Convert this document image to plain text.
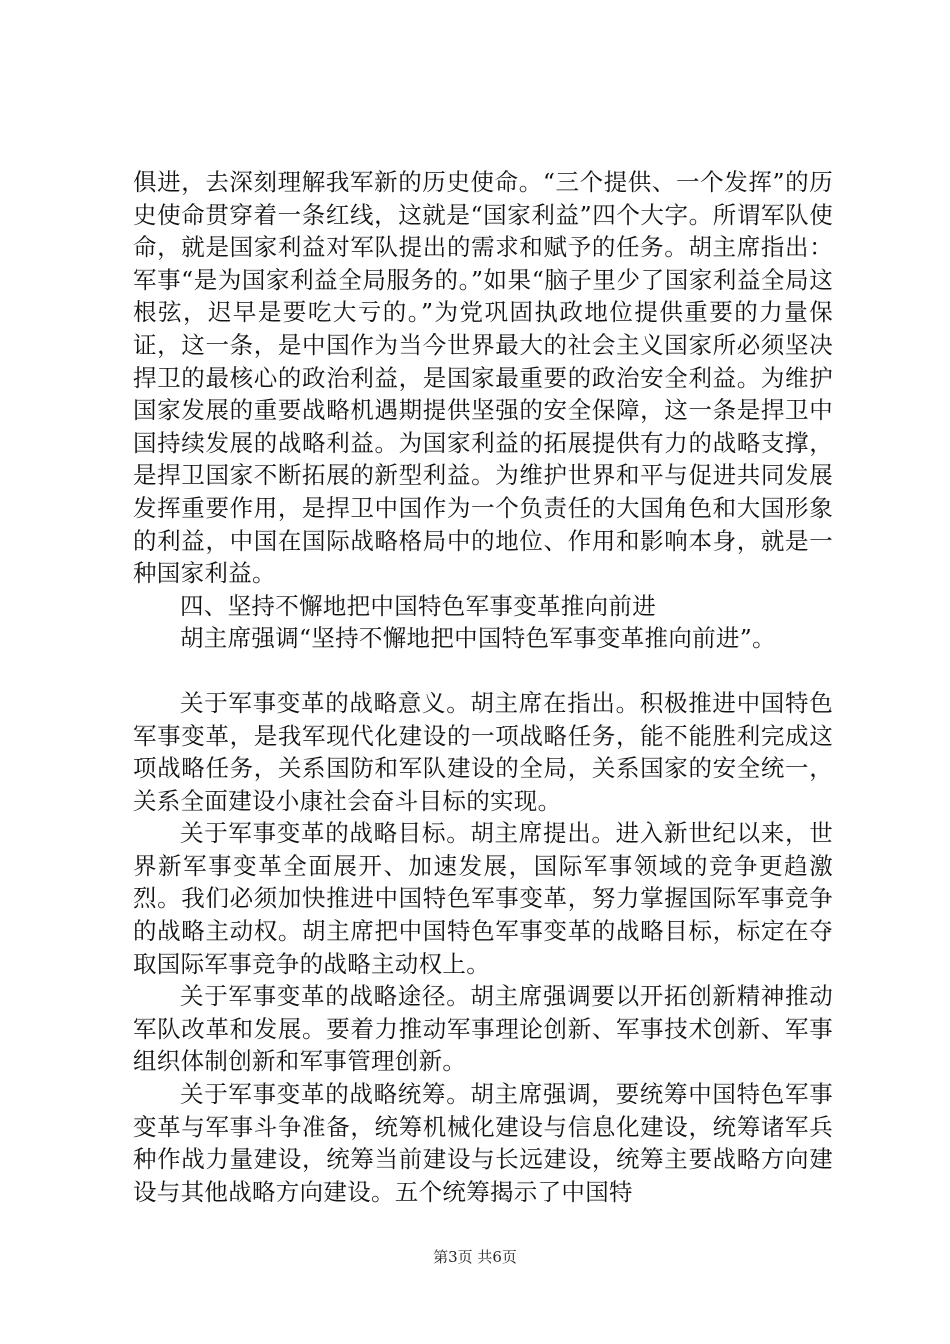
俱进，去深刻理解我军新的历史使命。“三个提供、一个发挥”的历史使命贯穿着一条红线，这就是“国家利益”四个大字。所谓军队使命，就是国家利益对军队提出的需求和赋予的任务。胡主席指出：军事“是为国家利益全局服务的。”如果“脑子里少了国家利益全局这根弦，迟早是要吃大亏的。”为党巩固执政地位提供重要的力量保证，这一条，是中国作为当今世界最大的社会主义国家所必须坚决捍卫的最核心的政治利益，是国家最重要的政治安全利益。为维护国家发展的重要战略机遇期提供坚强的安全保障，这一条是捍卫中国持续发展的战略利益。为国家利益的拓展提供有力的战略支撑，是捍卫国家不断拓展的新型利益。为维护世界和平与促进共同发展发挥重要作用，是捍卫中国作为一个负责任的大国角色和大国形象的利益，中国在国际战略格局中的地位、作用和影响本身，就是一种国家利益。

四、坚持不懈地把中国特色军事变革推向前进

胡主席强调“坚持不懈地把中国特色军事变革推向前进”。

关于军事变革的战略意义。胡主席在指出。积极推进中国特色军事变革，是我军现代化建设的一项战略任务，能不能胜利完成这项战略任务，关系国防和军队建设的全局，关系国家的安全统一，关系全面建设小康社会奋斗目标的实现。

关于军事变革的战略目标。胡主席提出。进入新世纪以来，世界新军事变革全面展开、加速发展，国际军事领域的竞争更趋激烈。我们必须加快推进中国特色军事变革，努力掌握国际军事竞争的战略主动权。胡主席把中国特色军事变革的战略目标，标定在夺取国际军事竞争的战略主动权上。

关于军事变革的战略途径。胡主席强调要以开拓创新精神推动军队改革和发展。要着力推动军事理论创新、军事技术创新、军事组织体制创新和军事管理创新。

关于军事变革的战略统筹。胡主席强调，要统筹中国特色军事变革与军事斗争准备，统筹机械化建设与信息化建设，统筹诸军兵种作战力量建设，统筹当前建设与长远建设，统筹主要战略方向建设与其他战略方向建设。五个统筹揭示了中国特

第3页 共6页
